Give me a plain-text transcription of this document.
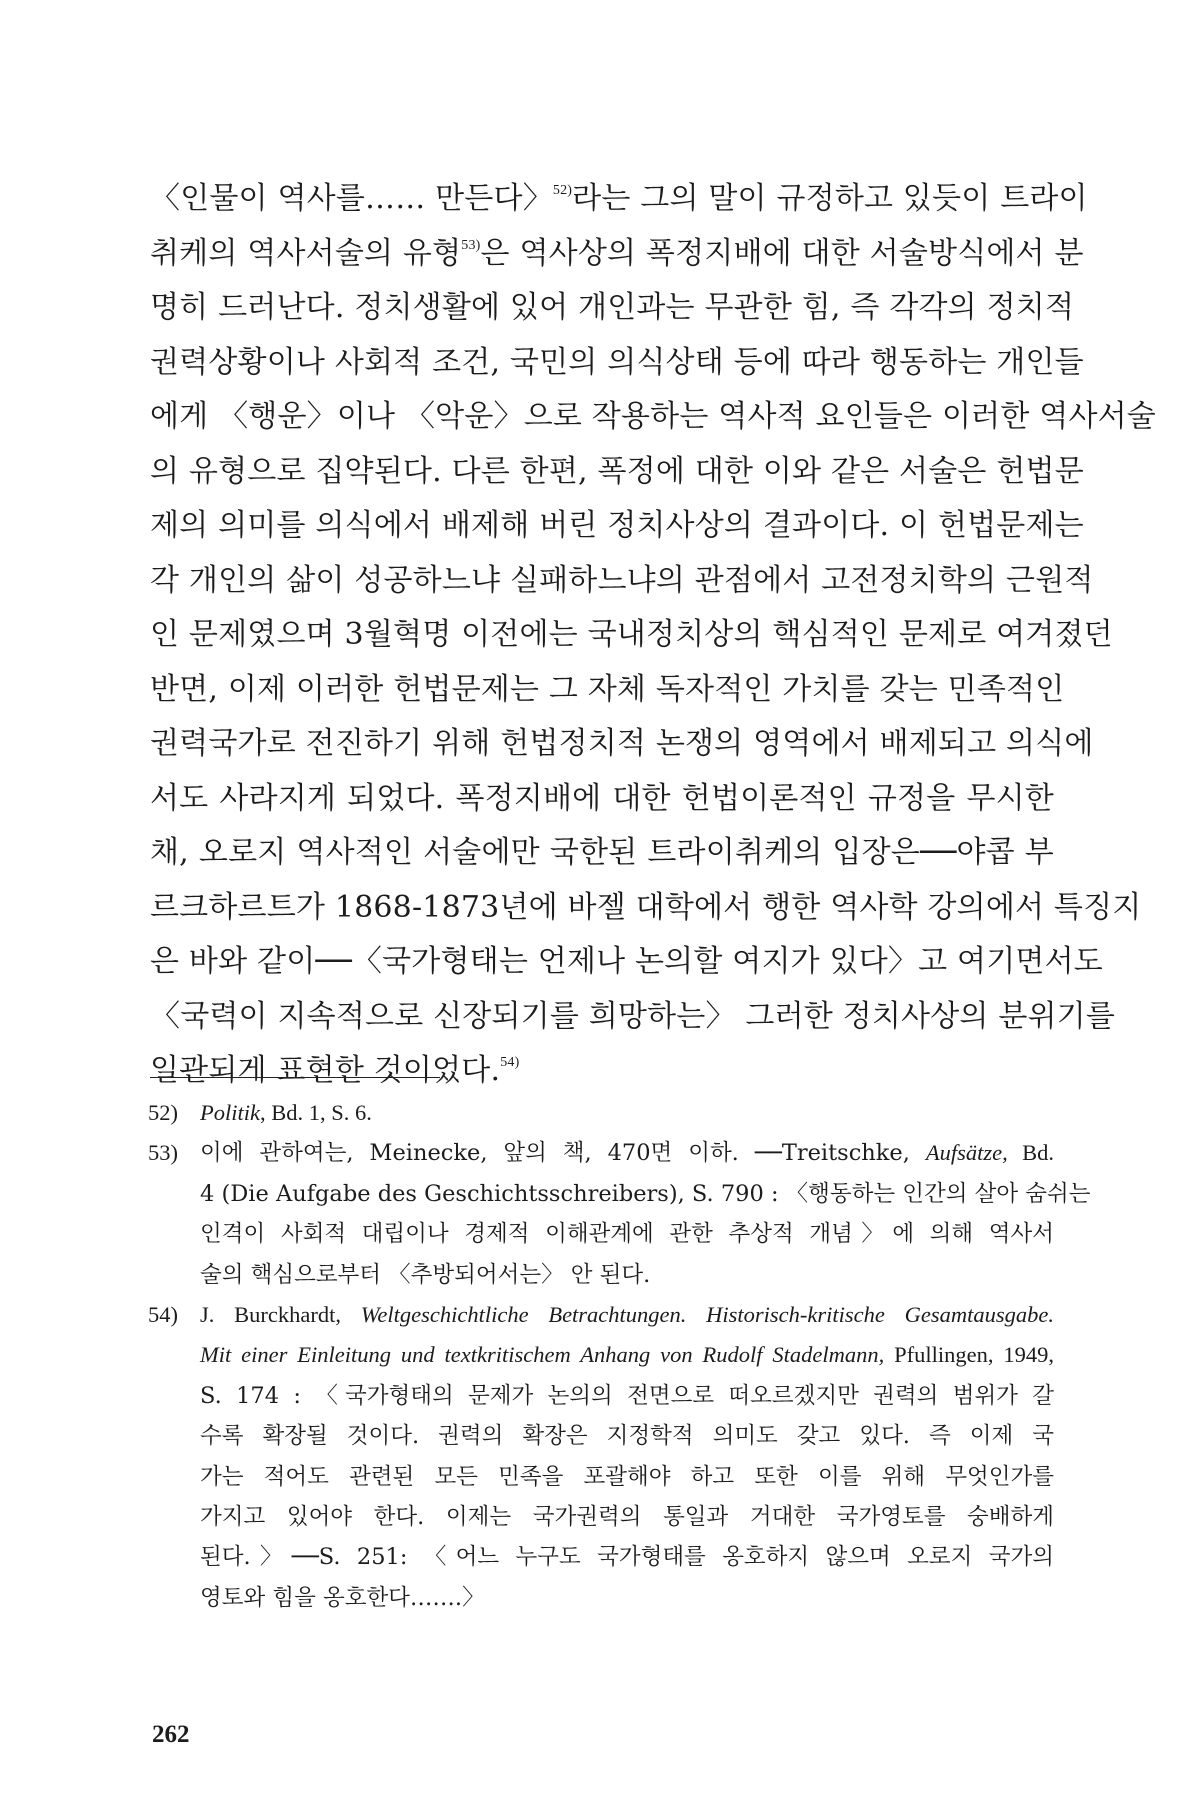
〈인물이 역사를…… 만든다〉$^{52)}$라는 그의 말이 규정하고 있듯이 트라이
취케의 역사서술의 유형$^{53)}$은 역사상의 폭정지배에 대한 서술방식에서 분
명히 드러난다. 정치생활에 있어 개인과는 무관한 힘, 즉 각각의 정치적
권력상황이나 사회적 조건, 국민의 의식상태 등에 따라 행동하는 개인들
에게 〈행운〉이나 〈악운〉으로 작용하는 역사적 요인들은 이러한 역사서술
의 유형으로 집약된다. 다른 한편, 폭정에 대한 이와 같은 서술은 헌법문
제의 의미를 의식에서 배제해 버린 정치사상의 결과이다. 이 헌법문제는
각 개인의 삶이 성공하느냐 실패하느냐의 관점에서 고전정치학의 근원적
인 문제였으며 3월혁명 이전에는 국내정치상의 핵심적인 문제로 여겨졌던
반면, 이제 이러한 헌법문제는 그 자체 독자적인 가치를 갖는 민족적인
권력국가로 전진하기 위해 헌법정치적 논쟁의 영역에서 배제되고 의식에
서도 사라지게 되었다. 폭정지배에 대한 헌법이론적인 규정을 무시한
채, 오로지 역사적인 서술에만 국한된 트라이취케의 입장은──야콥 부
르크하르트가 1868-1873년에 바젤 대학에서 행한 역사학 강의에서 특징지
은 바와 같이──〈국가형태는 언제나 논의할 여지가 있다〉고 여기면서도
〈국력이 지속적으로 신장되기를 희망하는〉 그러한 정치사상의 분위기를
일관되게 표현한 것이었다.$^{54)}$
52) Politik, Bd. 1, S. 6.
53) 이에 관하여는, Meinecke, 앞의 책, 470면 이하. ──Treitschke, Aufsätze, Bd.
4 (Die Aufgabe des Geschichtsschreibers), S. 790 : 〈행동하는 인간의 살아 숨쉬는
인격이 사회적 대립이나 경제적 이해관계에 관한 추상적 개념〉에 의해 역사서
술의 핵심으로부터 〈추방되어서는〉 안 된다.
54) J. Burckhardt, Weltgeschichtliche Betrachtungen. Historisch-kritische Gesamtausgabe.
Mit einer Einleitung und textkritischem Anhang von Rudolf Stadelmann, Pfullingen, 1949,
S. 174 : 〈국가형태의 문제가 논의의 전면으로 떠오르겠지만 권력의 범위가 갈
수록 확장될 것이다. 권력의 확장은 지정학적 의미도 갖고 있다. 즉 이제 국
가는 적어도 관련된 모든 민족을 포괄해야 하고 또한 이를 위해 무엇인가를
가지고 있어야 한다. 이제는 국가권력의 통일과 거대한 국가영토를 숭배하게
된다.〉──S. 251: 〈어느 누구도 국가형태를 옹호하지 않으며 오로지 국가의
영토와 힘을 옹호한다…….〉
262
